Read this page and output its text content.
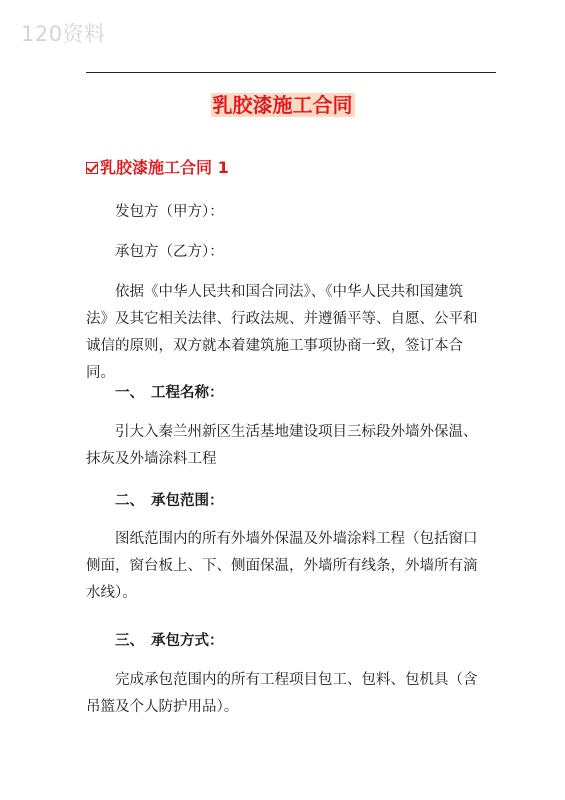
120资料
乳胶漆施工合同
乳胶漆施工合同 1

发包方（甲方）：

承包方（乙方）：

依据《中华人民共和国合同法》、《中华人民共和国建筑
法》及其它相关法律、行政法规、并遵循平等、自愿、公平和
诚信的原则，双方就本着建筑施工事项协商一致，签订本合同。
一、 工程名称：
引大入秦兰州新区生活基地建设项目三标段外墙外保温、
抹灰及外墙涂料工程
二、 承包范围：
图纸范围内的所有外墙外保温及外墙涂料工程（包括窗口
侧面，窗台板上、下、侧面保温，外墙所有线条，外墙所有滴
水线）。
三、 承包方式：
完成承包范围内的所有工程项目包工、包料、包机具（含
吊篮及个人防护用品）。
